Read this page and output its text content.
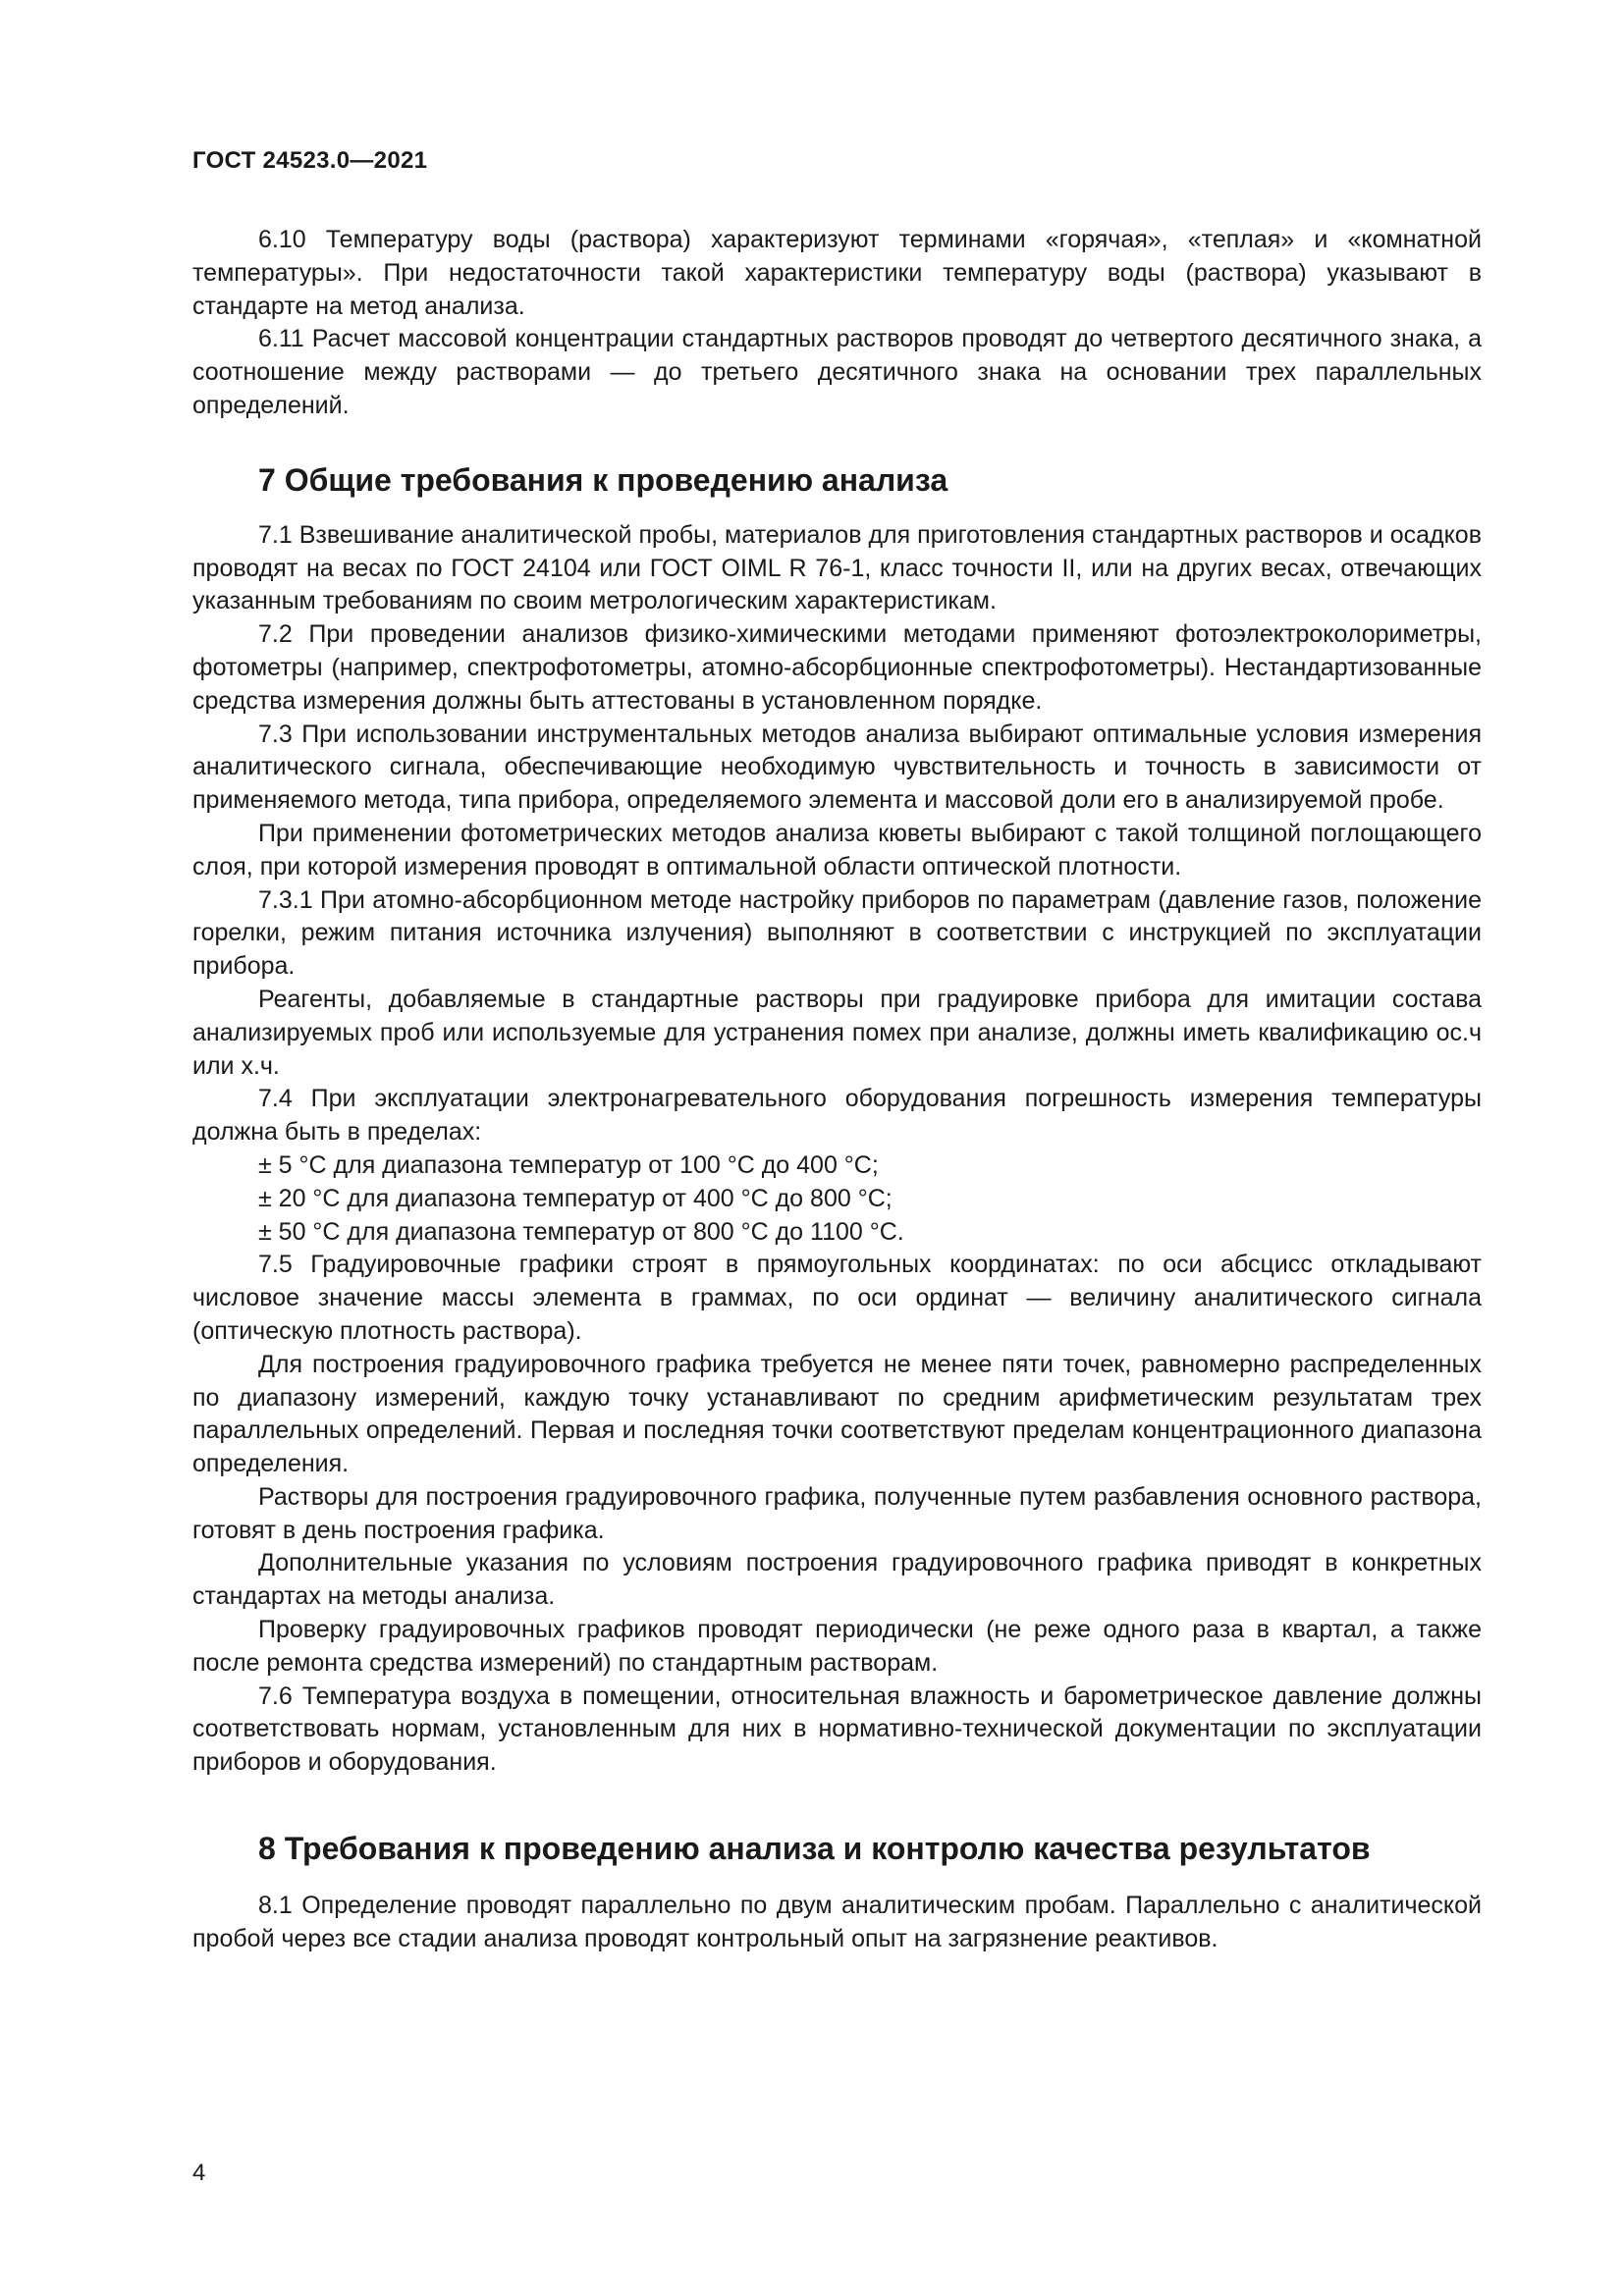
ГОСТ 24523.0—2021

6.10 Температуру воды (раствора) характеризуют терминами «горячая», «теплая» и «комнатной температуры». При недостаточности такой характеристики температуру воды (раствора) указывают в стандарте на метод анализа.

6.11 Расчет массовой концентрации стандартных растворов проводят до четвертого десятичного знака, а соотношение между растворами — до третьего десятичного знака на основании трех параллельных определений.

7 Общие требования к проведению анализа

7.1 Взвешивание аналитической пробы, материалов для приготовления стандартных растворов и осадков проводят на весах по ГОСТ 24104 или ГОСТ OIML R 76-1, класс точности II, или на других весах, отвечающих указанным требованиям по своим метрологическим характеристикам.

7.2 При проведении анализов физико-химическими методами применяют фотоэлектроколориметры, фотометры (например, спектрофотометры, атомно-абсорбционные спектрофотометры). Нестандартизованные средства измерения должны быть аттестованы в установленном порядке.

7.3 При использовании инструментальных методов анализа выбирают оптимальные условия измерения аналитического сигнала, обеспечивающие необходимую чувствительность и точность в зависимости от применяемого метода, типа прибора, определяемого элемента и массовой доли его в анализируемой пробе.

При применении фотометрических методов анализа кюветы выбирают с такой толщиной поглощающего слоя, при которой измерения проводят в оптимальной области оптической плотности.

7.3.1 При атомно-абсорбционном методе настройку приборов по параметрам (давление газов, положение горелки, режим питания источника излучения) выполняют в соответствии с инструкцией по эксплуатации прибора.

Реагенты, добавляемые в стандартные растворы при градуировке прибора для имитации состава анализируемых проб или используемые для устранения помех при анализе, должны иметь квалификацию ос.ч или х.ч.

7.4 При эксплуатации электронагревательного оборудования погрешность измерения температуры должна быть в пределах:

± 5 °С для диапазона температур от 100 °С до 400 °С;
± 20 °С для диапазона температур от 400 °С до 800 °С;
± 50 °С для диапазона температур от 800 °С до 1100 °С.

7.5 Градуировочные графики строят в прямоугольных координатах: по оси абсцисс откладывают числовое значение массы элемента в граммах, по оси ординат — величину аналитического сигнала (оптическую плотность раствора).

Для построения градуировочного графика требуется не менее пяти точек, равномерно распределенных по диапазону измерений, каждую точку устанавливают по средним арифметическим результатам трех параллельных определений. Первая и последняя точки соответствуют пределам концентрационного диапазона определения.

Растворы для построения градуировочного графика, полученные путем разбавления основного раствора, готовят в день построения графика.

Дополнительные указания по условиям построения градуировочного графика приводят в конкретных стандартах на методы анализа.

Проверку градуировочных графиков проводят периодически (не реже одного раза в квартал, а также после ремонта средства измерений) по стандартным растворам.

7.6 Температура воздуха в помещении, относительная влажность и барометрическое давление должны соответствовать нормам, установленным для них в нормативно-технической документации по эксплуатации приборов и оборудования.

8 Требования к проведению анализа и контролю качества результатов

8.1 Определение проводят параллельно по двум аналитическим пробам. Параллельно с аналитической пробой через все стадии анализа проводят контрольный опыт на загрязнение реактивов.

4
